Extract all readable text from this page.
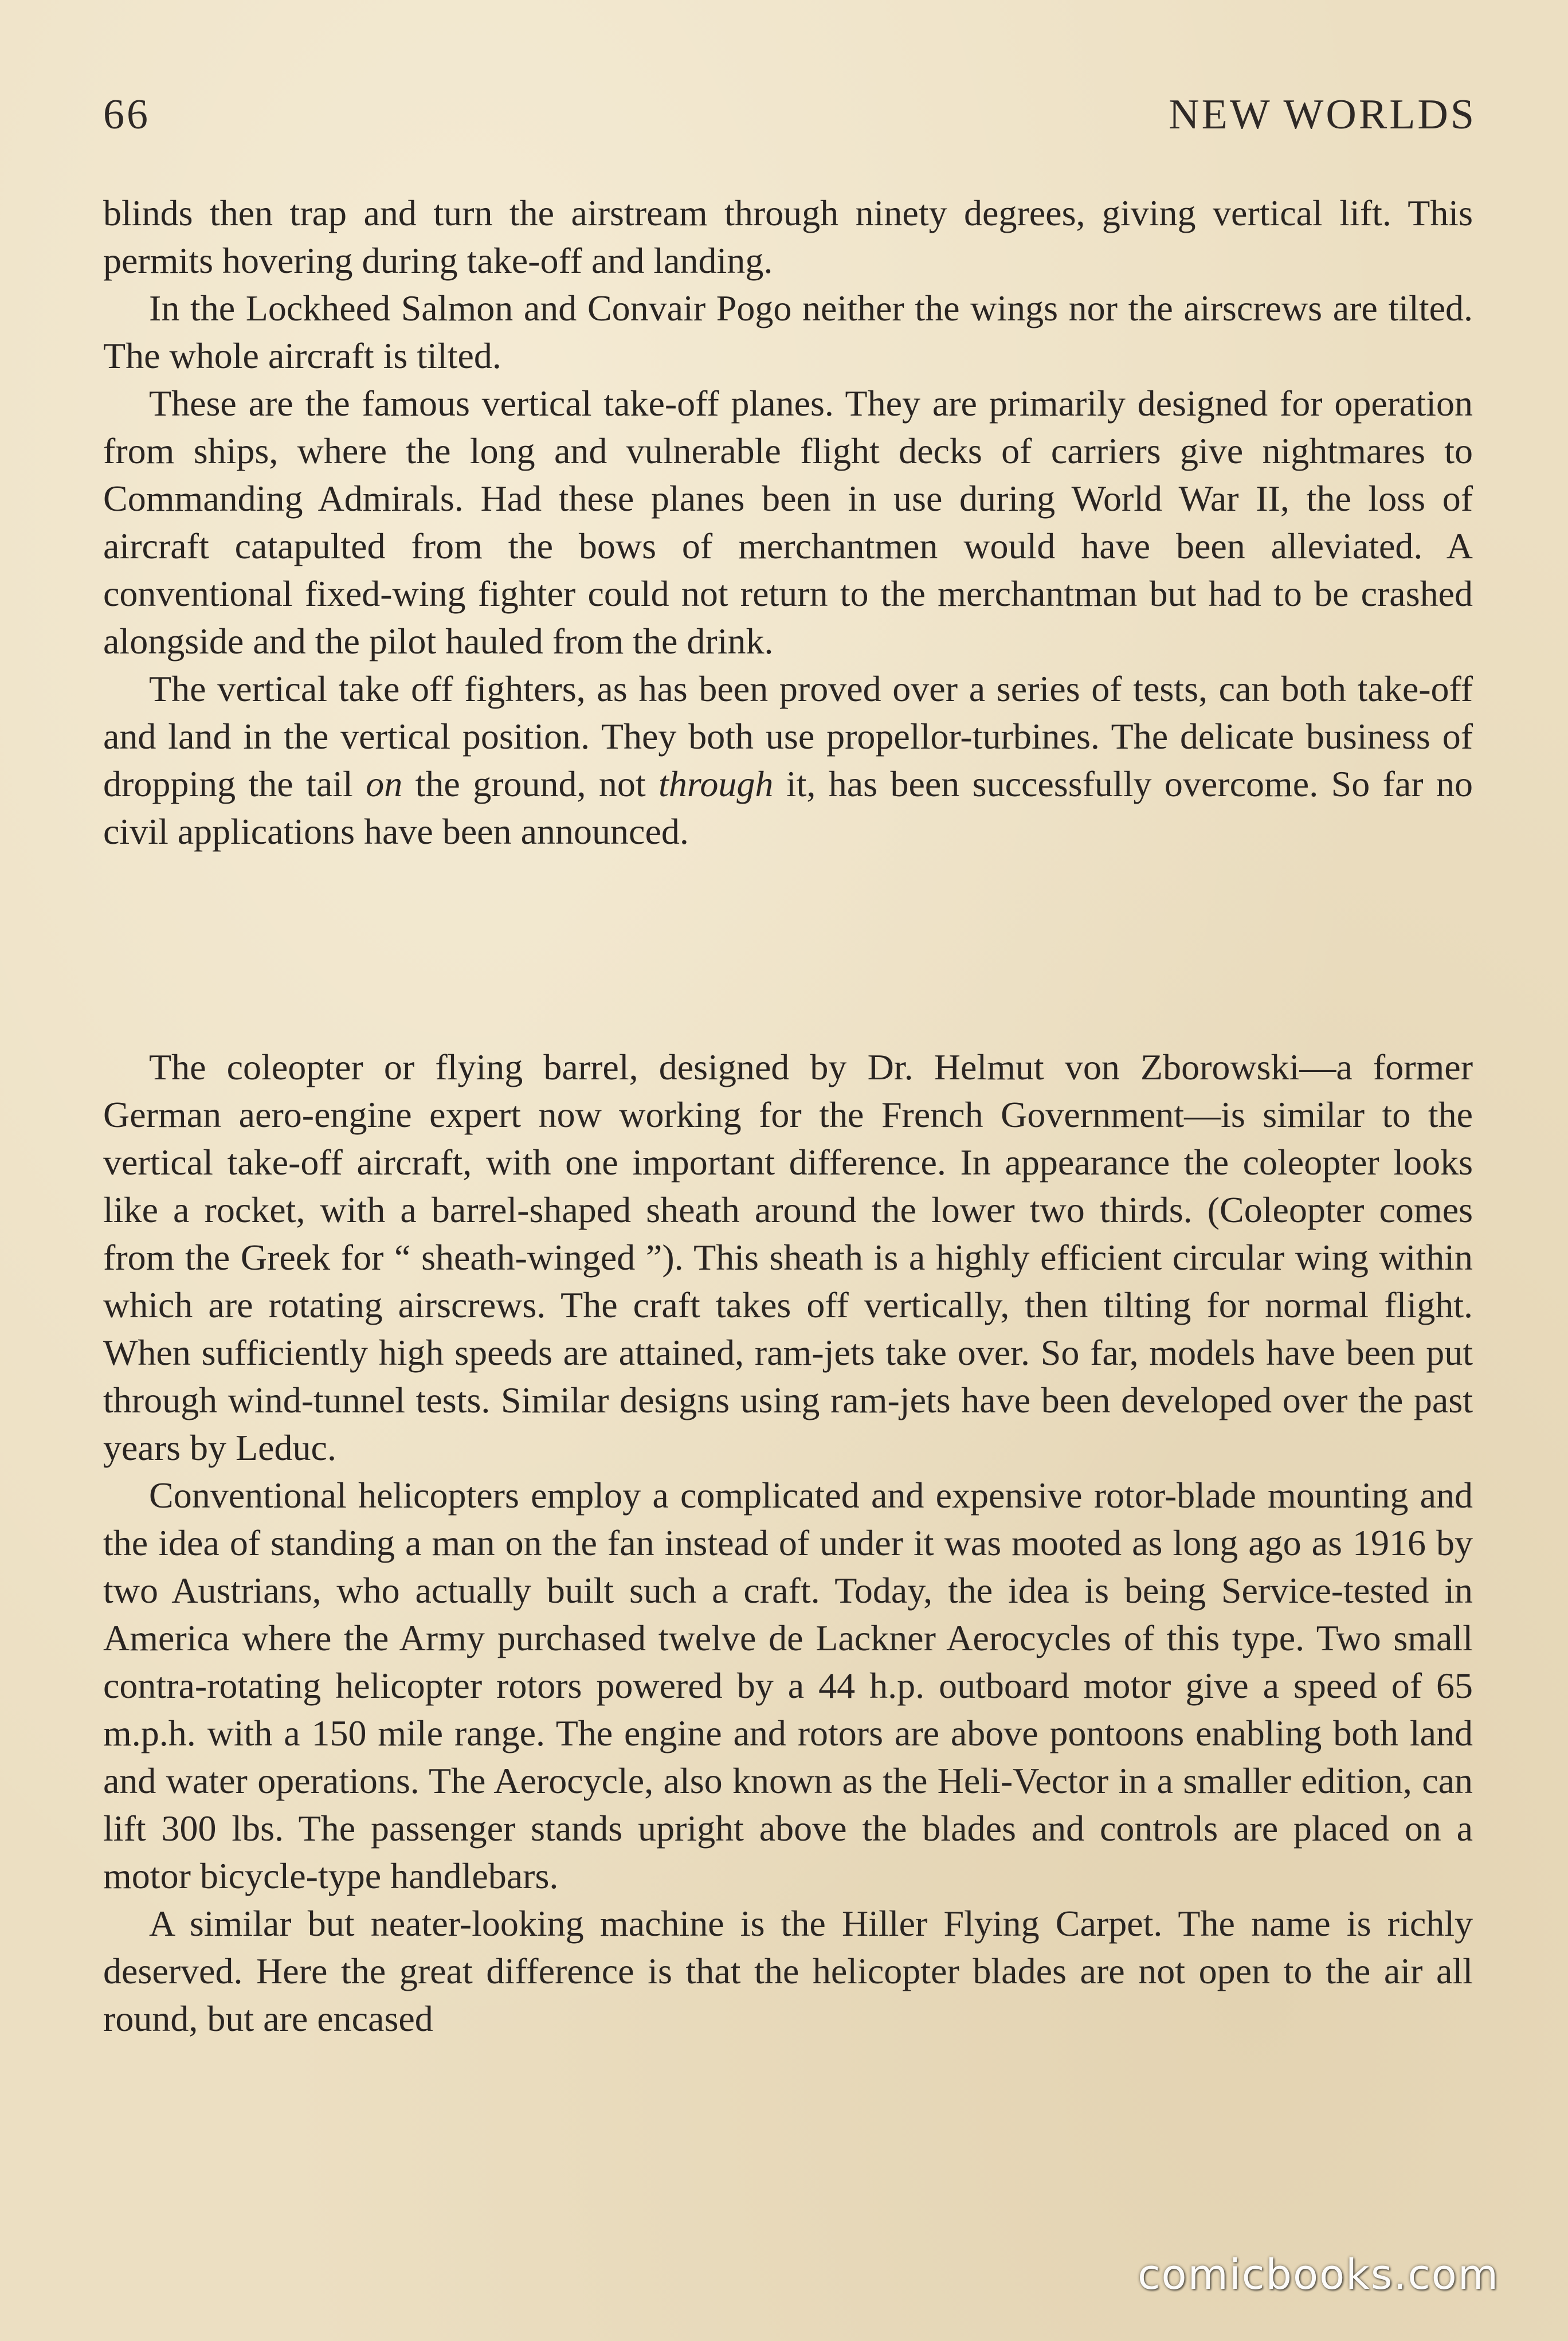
66	NEW WORLDS

blinds then trap and turn the airstream through ninety degrees, giving vertical lift. This permits hovering during take-off and landing.

In the Lockheed Salmon and Convair Pogo neither the wings nor the airscrews are tilted. The whole aircraft is tilted.

These are the famous vertical take-off planes. They are primarily designed for operation from ships, where the long and vulnerable flight decks of carriers give nightmares to Commanding Admirals. Had these planes been in use during World War II, the loss of aircraft catapulted from the bows of merchantmen would have been alleviated. A conventional fixed-wing fighter could not return to the merchantman but had to be crashed alongside and the pilot hauled from the drink.

The vertical take off fighters, as has been proved over a series of tests, can both take-off and land in the vertical position. They both use propellor-turbines. The delicate business of dropping the tail on the ground, not through it, has been successfully overcome. So far no civil applications have been announced.

The coleopter or flying barrel, designed by Dr. Helmut von Zborowski—a former German aero-engine expert now working for the French Government—is similar to the vertical take-off aircraft, with one important difference. In appearance the coleopter looks like a rocket, with a barrel-shaped sheath around the lower two thirds. (Coleopter comes from the Greek for “ sheath-winged ”). This sheath is a highly efficient circular wing within which are rotating airscrews. The craft takes off vertically, then tilting for normal flight. When sufficiently high speeds are attained, ram-jets take over. So far, models have been put through wind-tunnel tests. Similar designs using ram-jets have been developed over the past years by Leduc.

Conventional helicopters employ a complicated and expensive rotor-blade mounting and the idea of standing a man on the fan instead of under it was mooted as long ago as 1916 by two Austrians, who actually built such a craft. Today, the idea is being Service-tested in America where the Army purchased twelve de Lackner Aerocycles of this type. Two small contra-rotating helicopter rotors powered by a 44 h.p. outboard motor give a speed of 65 m.p.h. with a 150 mile range. The engine and rotors are above pontoons enabling both land and water operations. The Aerocycle, also known as the Heli-Vector in a smaller edition, can lift 300 lbs. The passenger stands upright above the blades and controls are placed on a motor bicycle-type handlebars.

A similar but neater-looking machine is the Hiller Flying Carpet. The name is richly deserved. Here the great difference is that the helicopter blades are not open to the air all round, but are encased

comicbooks.com
